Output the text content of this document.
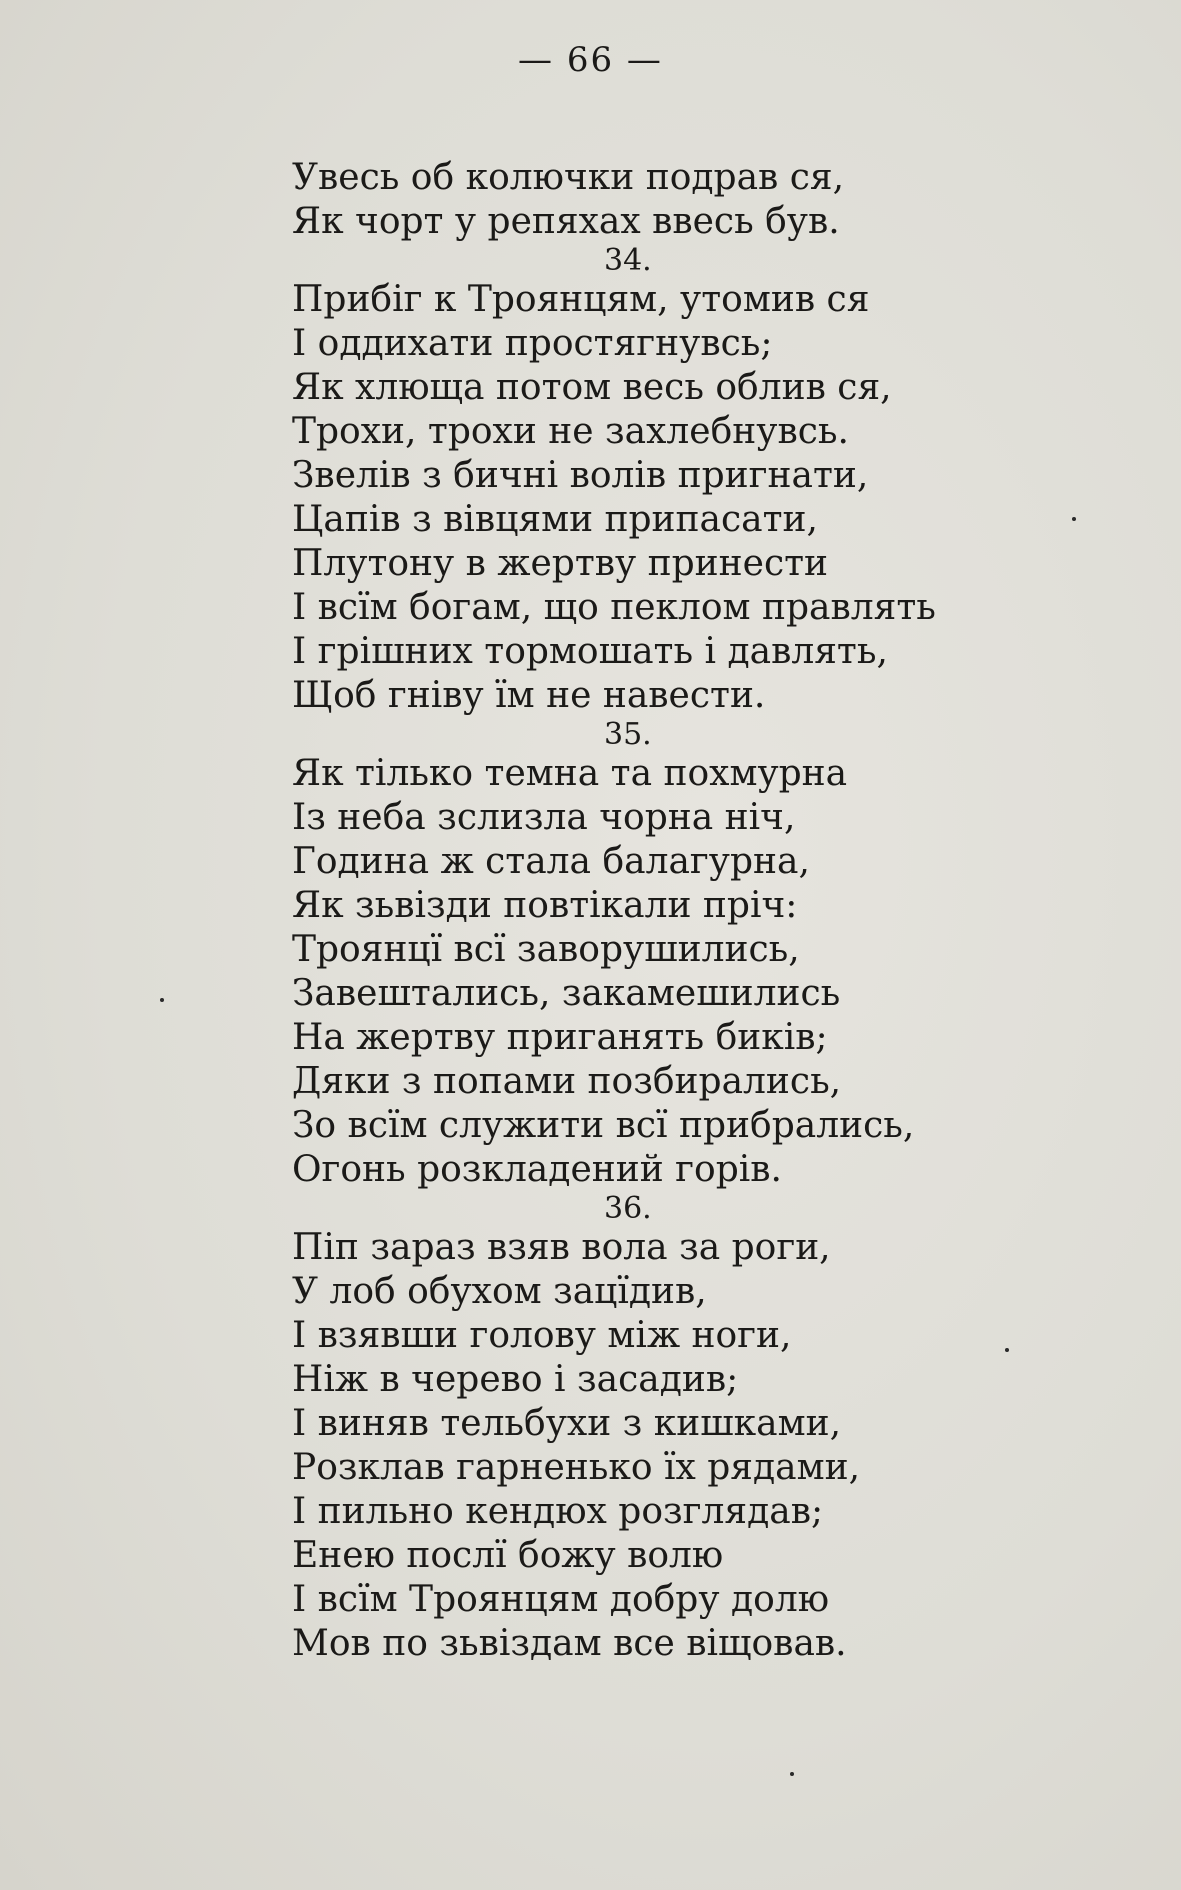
— 66 —
Увесь об колючки подрав ся,
Як чорт у репяхах ввесь був.
34.
Прибіг к Троянцям, утомив ся
І оддихати простягнувсь;
Як хлюща потом весь облив ся,
Трохи, трохи не захлебнувсь.
Звелів з бичні волів пригнати,
Цапів з вівцями припасати,
Плутону в жертву принести
І всїм богам, що пеклом правлять
І грішних тормошать і давлять,
Щоб гніву їм не навести.
35.
Як тілько темна та похмурна
Із неба зслизла чорна ніч,
Година ж стала балагурна,
Як зьвізди повтікали пріч:
Троянцї всї заворушились,
Завештались, закамешились
На жертву приганять биків;
Дяки з попами позбирались,
Зо всїм служити всї прибрались,
Огонь розкладений горів.
36.
Піп зараз взяв вола за роги,
У лоб обухом зацїдив,
І взявши голову між ноги,
Ніж в черево і засадив;
І виняв тельбухи з кишками,
Розклав гарненько їх рядами,
І пильно кендюх розглядав;
Енею послї божу волю
І всїм Троянцям добру долю
Мов по зьвіздам все віщовав.
